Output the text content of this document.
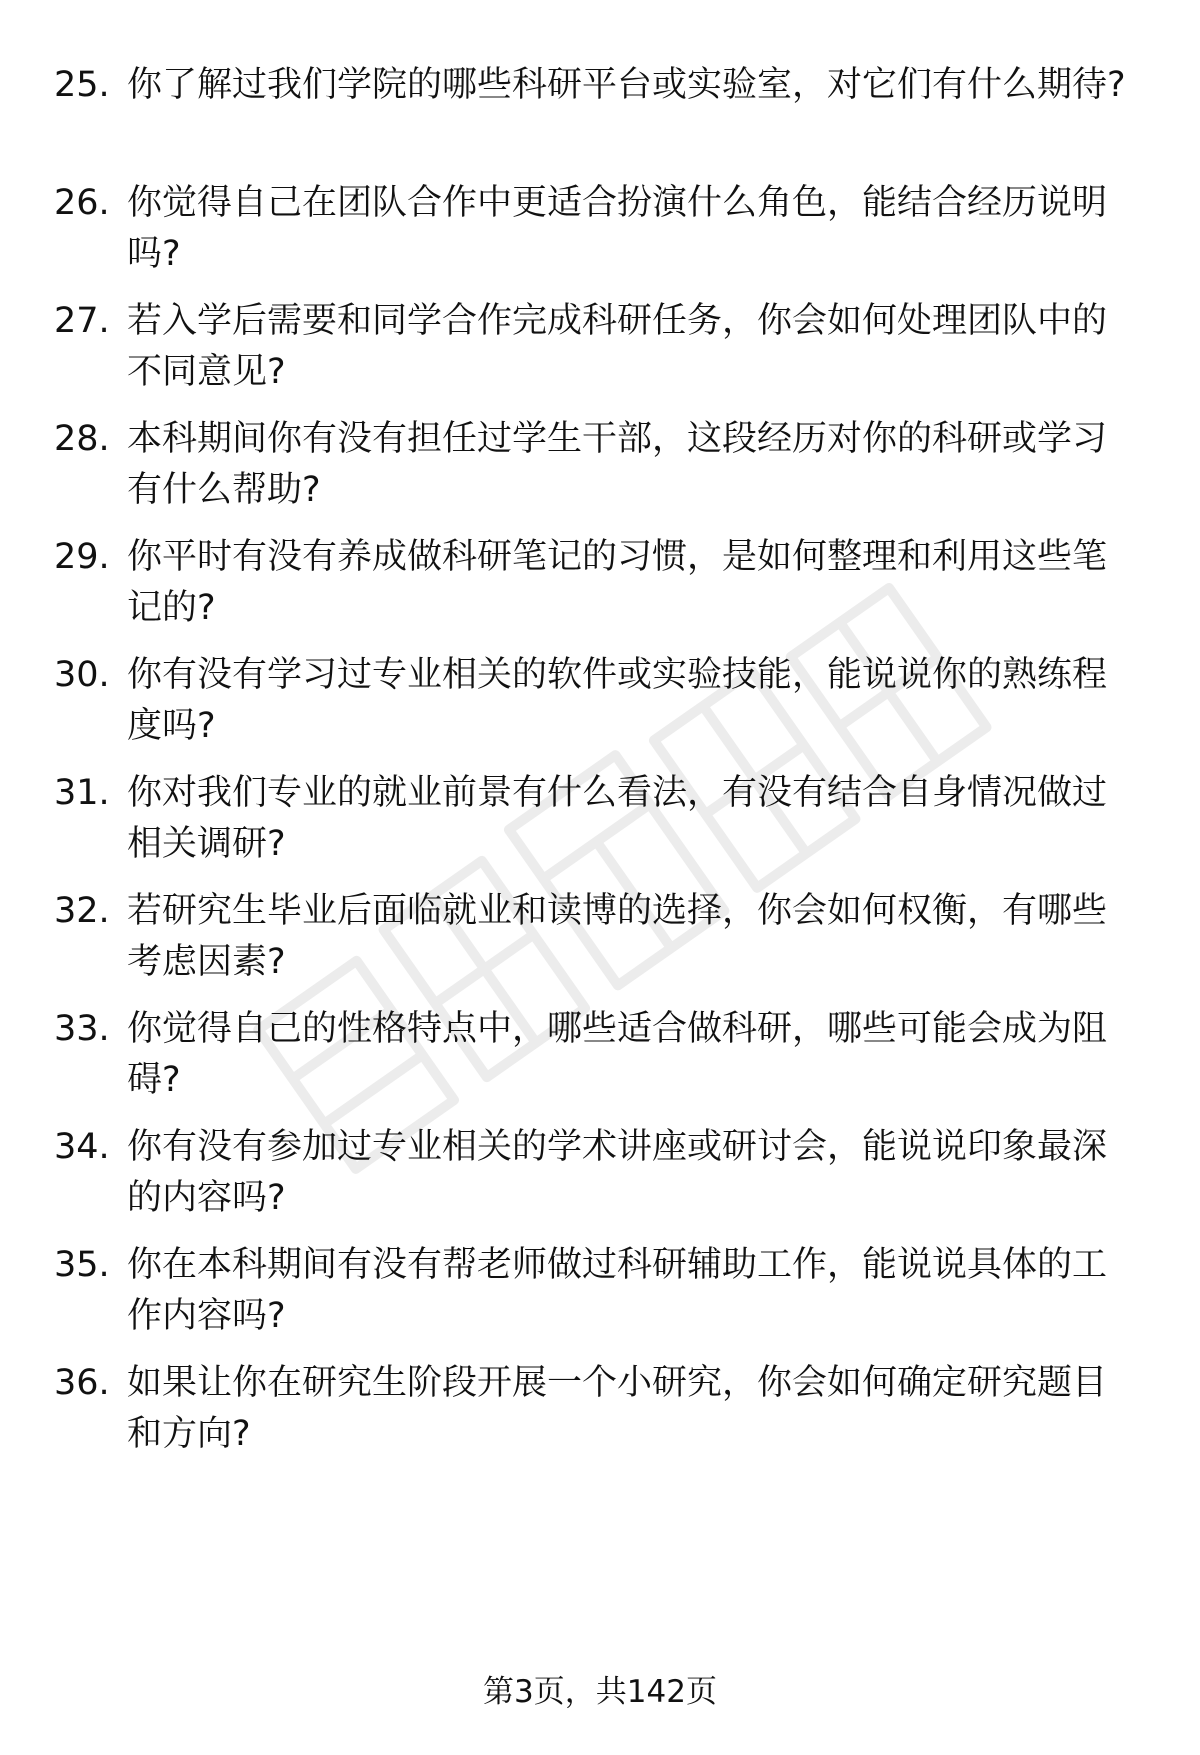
25. 你了解过我们学院的哪些科研平台或实验室，对它们有什么期待?
26. 你觉得自己在团队合作中更适合扮演什么角色，能结合经历说明吗?
27. 若入学后需要和同学合作完成科研任务，你会如何处理团队中的不同意见?
28. 本科期间你有没有担任过学生干部，这段经历对你的科研或学习有什么帮助?
29. 你平时有没有养成做科研笔记的习惯，是如何整理和利用这些笔记的?
30. 你有没有学习过专业相关的软件或实验技能，能说说你的熟练程度吗?
31. 你对我们专业的就业前景有什么看法，有没有结合自身情况做过相关调研?
32. 若研究生毕业后面临就业和读博的选择，你会如何权衡，有哪些考虑因素?
33. 你觉得自己的性格特点中，哪些适合做科研，哪些可能会成为阻碍?
34. 你有没有参加过专业相关的学术讲座或研讨会，能说说印象最深的内容吗?
35. 你在本科期间有没有帮老师做过科研辅助工作，能说说具体的工作内容吗?
36. 如果让你在研究生阶段开展一个小研究，你会如何确定研究题目和方向?
第3页，共142页
